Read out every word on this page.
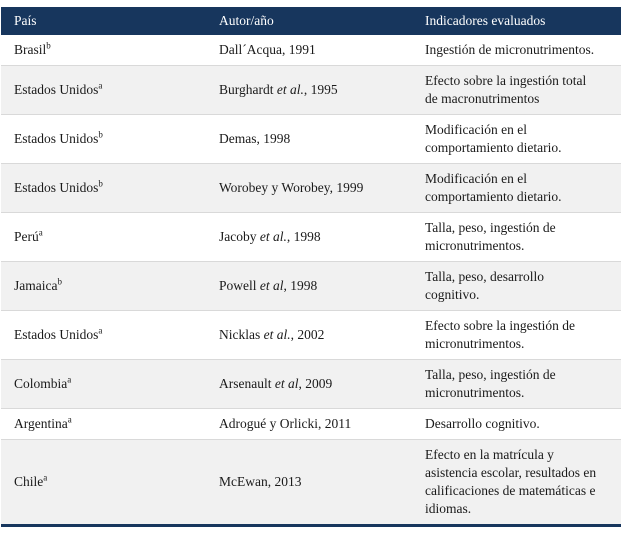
País	Autor/año	Indicadores evaluados
Brasil$^b$	Dall´Acqua, 1991	Ingestión de micronutrimentos.
Estados Unidos$^a$	Burghardt et al., 1995	Efecto sobre la ingestión total de macronutrimentos
Estados Unidos$^b$	Demas, 1998	Modificación en el comportamiento dietario.
Estados Unidos$^b$	Worobey y Worobey, 1999	Modificación en el comportamiento dietario.
Perú$^a$	Jacoby et al., 1998	Talla, peso, ingestión de micronutrimentos.
Jamaica$^b$	Powell et al, 1998	Talla, peso, desarrollo cognitivo.
Estados Unidos$^a$	Nicklas et al., 2002	Efecto sobre la ingestión de micronutrimentos.
Colombia$^a$	Arsenault et al, 2009	Talla, peso, ingestión de micronutrimentos.
Argentina$^a$	Adrogué y Orlicki, 2011	Desarrollo cognitivo.
Chile$^a$	McEwan, 2013	Efecto en la matrícula y asistencia escolar, resultados en calificaciones de matemáticas e idiomas.
